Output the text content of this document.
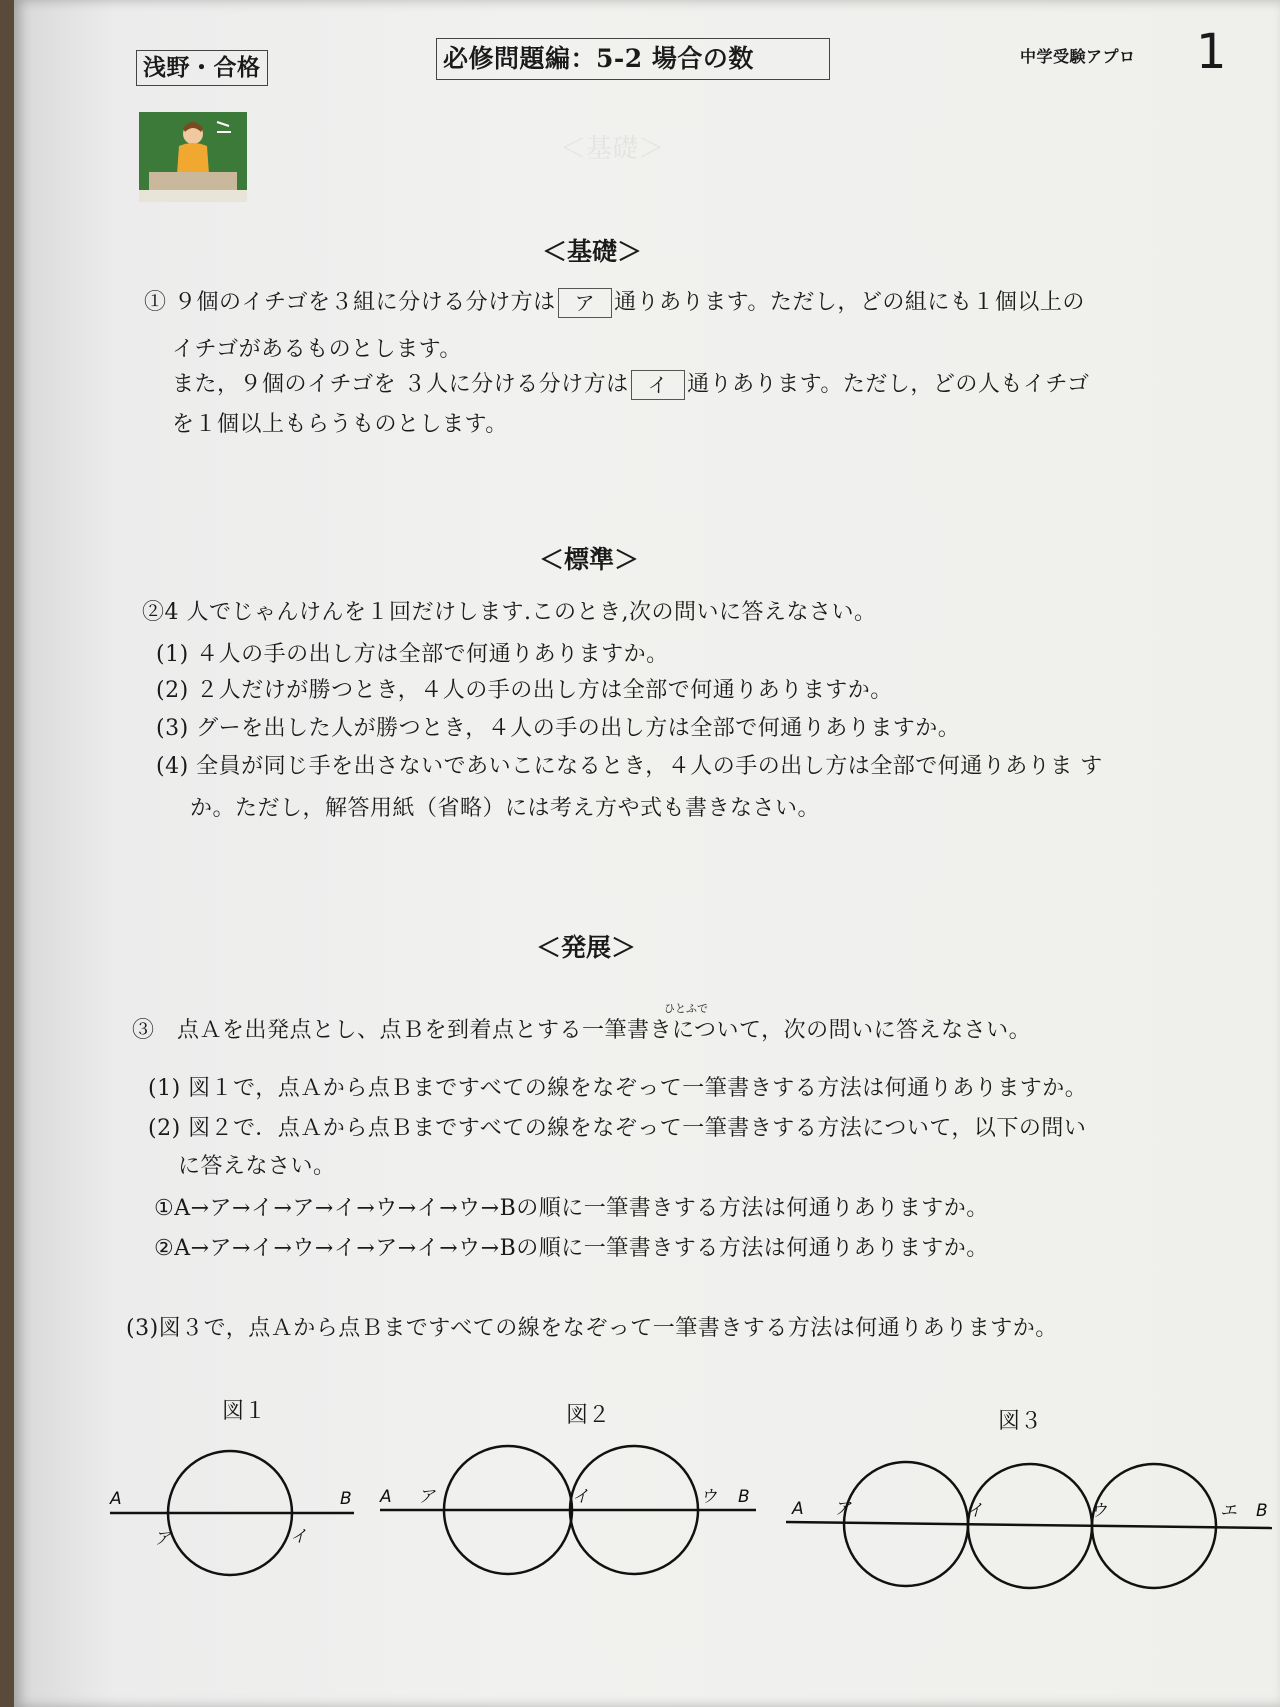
浅野・合格	必修問題編：5-2 場合の数	中学受験アプロ 1
＜基礎＞
＜基礎＞
① ９個のイチゴを３組に分ける分け方は ア 通りあります。ただし，どの組にも１個以上の
イチゴがあるものとします。
また，９個のイチゴを ３人に分ける分け方は イ 通りあります。ただし，どの人もイチゴ
を１個以上もらうものとします。
＜標準＞
②4 人でじゃんけんを１回だけします.このとき,次の問いに答えなさい。
(1) ４人の手の出し方は全部で何通りありますか。
(2) ２人だけが勝つとき，４人の手の出し方は全部で何通りありますか。
(3) グーを出した人が勝つとき，４人の手の出し方は全部で何通りありますか。
(4) 全員が同じ手を出さないであいこになるとき，４人の手の出し方は全部で何通りありま す
か。ただし，解答用紙（省略）には考え方や式も書きなさい。
＜発展＞
ひとふで
③　点Ａを出発点とし、点Ｂを到着点とする一筆書きについて，次の問いに答えなさい。
(1) 図１で，点Ａから点Ｂまですべての線をなぞって一筆書きする方法は何通りありますか。
(2) 図２で．点Ａから点Ｂまですべての線をなぞって一筆書きする方法について，以下の問い
に答えなさい。
①A→ア→イ→ア→イ→ウ→イ→ウ→Bの順に一筆書きする方法は何通りありますか。
②A→ア→イ→ウ→イ→ア→イ→ウ→Bの順に一筆書きする方法は何通りありますか。
(3)図３で，点Ａから点Ｂまですべての線をなぞって一筆書きする方法は何通りありますか。
図１	図２	図３
A	B
ア	イ
A ア	イ	ウ B
A ア	イ	ウ	エ B
